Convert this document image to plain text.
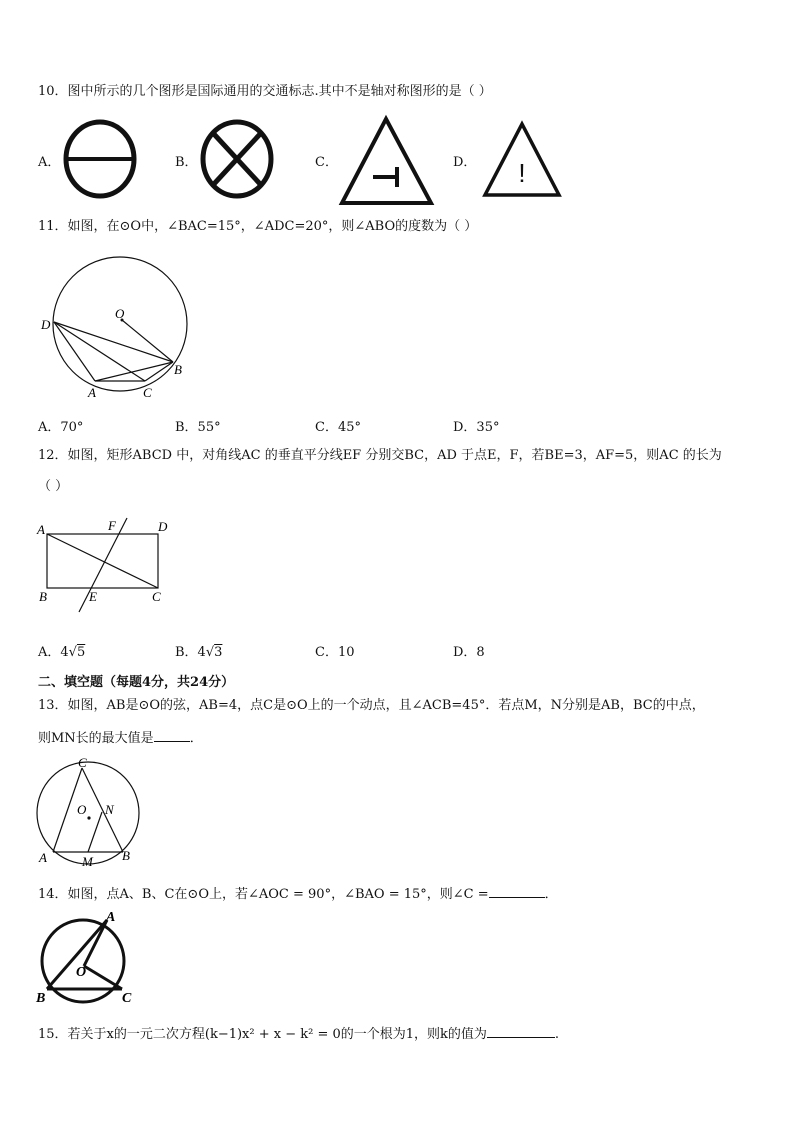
10．图中所示的几个图形是国际通用的交通标志.其中不是轴对称图形的是（ ）
A．	B．	C．	D． !
11．如图，在⊙O中，∠BAC=15°，∠ADC=20°，则∠ABO的度数为（ ）
D
O
B
A	C
A．70°	B．55°	C．45°	D．35°
12．如图，矩形ABCD 中，对角线AC 的垂直平分线EF 分别交BC，AD 于点E，F，若BE=3，AF=5，则AC 的长为
（ ）
A	F	D
B	E	C
A．4√5	B．4√3	C．10	D．8
二、填空题（每题4分，共24分）
13．如图，AB是⊙O的弦，AB=4，点C是⊙O上的一个动点，且∠ACB=45°．若点M，N分别是AB，BC的中点，
则MN长的最大值是	．
C
O N
A	M B
14．如图，点A、B、C在⊙O上，若∠AOC = 90°，∠BAO = 15°，则∠C =	．
A
O
B	C
15．若关于x的一元二次方程(k−1)x² + x − k² = 0的一个根为1，则k的值为	.
